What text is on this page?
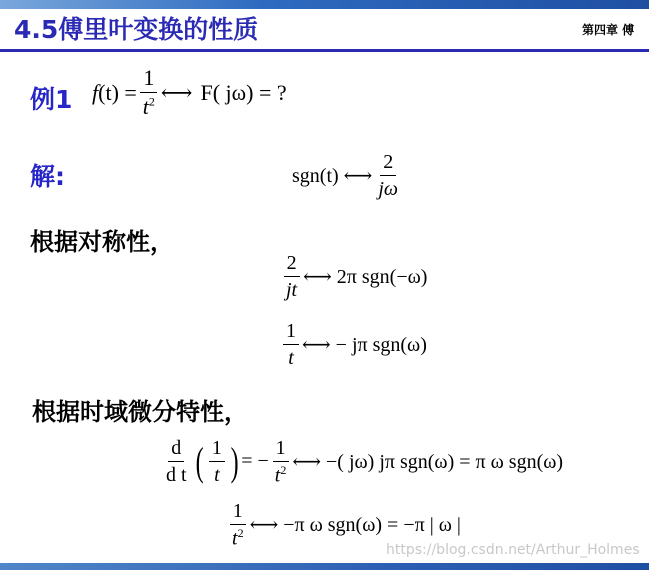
4.5傅里叶变换的性质	第四章 傅
例1 f $(t) = \frac{1}{t^2}$ ⟷ F( jω) = ?
解:	sgn(t) ⟷ $\frac{2}{j\omega}$
根据对称性，
$\frac{2}{jt}$ ⟷ 2π sgn(−ω)
$\frac{1}{t}$ ⟷ − jπ sgn(ω)
根据时域微分特性，
$\frac{d}{\text{d t}}$ ( $\frac{1}{t}$ ) = − $\frac{1}{t^2}$ ⟷ −( jω) jπ sgn(ω) = π ω sgn(ω)
$\frac{1}{t^2}$ ⟷ −π ω sgn(ω) = −π | ω |
https://blog.csdn.net/Arthur_Holmes
